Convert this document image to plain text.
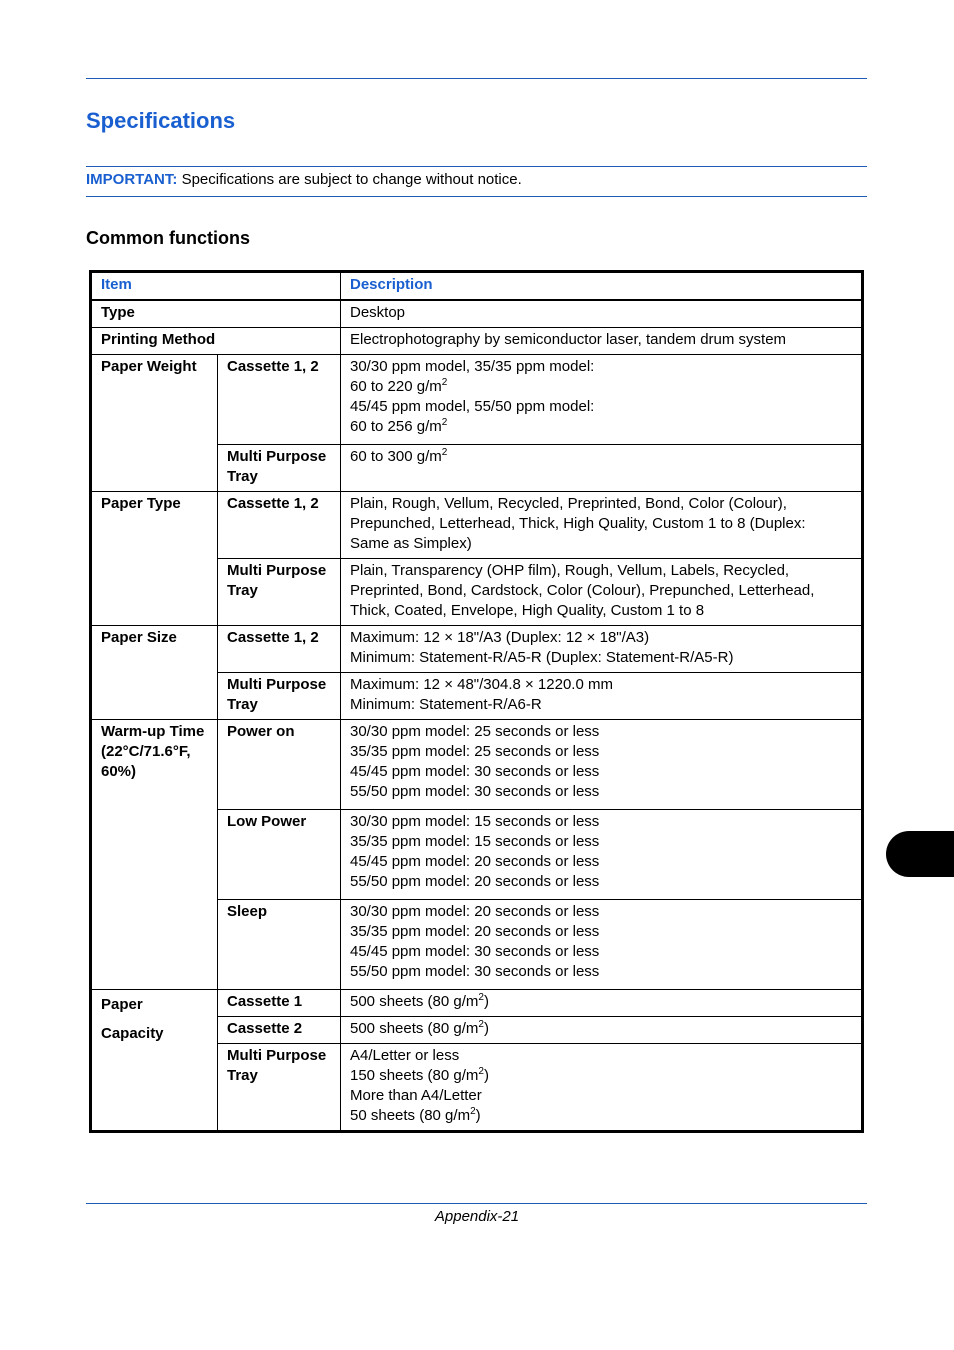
Specifications
IMPORTANT: Specifications are subject to change without notice.
Common functions
Item		Description
Type		Desktop
Printing Method		Electrophotography by semiconductor laser, tandem drum system
Paper Weight	Cassette 1, 2	30/30 ppm model, 35/35 ppm model:
60 to 220 $g/m^2$
45/45 ppm model, 55/50 ppm model:
60 to 256 $g/m^2$

	Multi Purpose Tray	60 to 300 $g/m^2$
Paper Type	Cassette 1, 2	Plain, Rough, Vellum, Recycled, Preprinted, Bond, Color (Colour),
Prepunched, Letterhead, Thick, High Quality, Custom 1 to 8 (Duplex:
Same as Simplex)

	Multi Purpose Tray	Plain, Transparency (OHP film), Rough, Vellum, Labels, Recycled,
Preprinted, Bond, Cardstock, Color (Colour), Prepunched, Letterhead,
Thick, Coated, Envelope, High Quality, Custom 1 to 8

Paper Size	Cassette 1, 2	Maximum: 12 × 18"/A3 (Duplex: 12 × 18"/A3)
Minimum: Statement-R/A5-R (Duplex: Statement-R/A5-R)

	Multi Purpose Tray	Maximum: 12 × 48"/304.8 × 1220.0 mm
Minimum: Statement-R/A6-R

Warm-up Time (22°C/71.6°F, 60%)	Power on	30/30 ppm model: 25 seconds or less
35/35 ppm model: 25 seconds or less
45/45 ppm model: 30 seconds or less
55/50 ppm model: 30 seconds or less

	Low Power	30/30 ppm model: 15 seconds or less
35/35 ppm model: 15 seconds or less
45/45 ppm model: 20 seconds or less
55/50 ppm model: 20 seconds or less

	Sleep	30/30 ppm model: 20 seconds or less
35/35 ppm model: 20 seconds or less
45/45 ppm model: 30 seconds or less
55/50 ppm model: 30 seconds or less

Paper Capacity	Cassette 1	500 sheets (80 $g/m^2$)
	Cassette 2	500 sheets (80 $g/m^2$)
	Multi Purpose Tray	A4/Letter or less
150 sheets (80 $g/m^2$)
More than A4/Letter
50 sheets (80 $g/m^2$)
Appendix-21
